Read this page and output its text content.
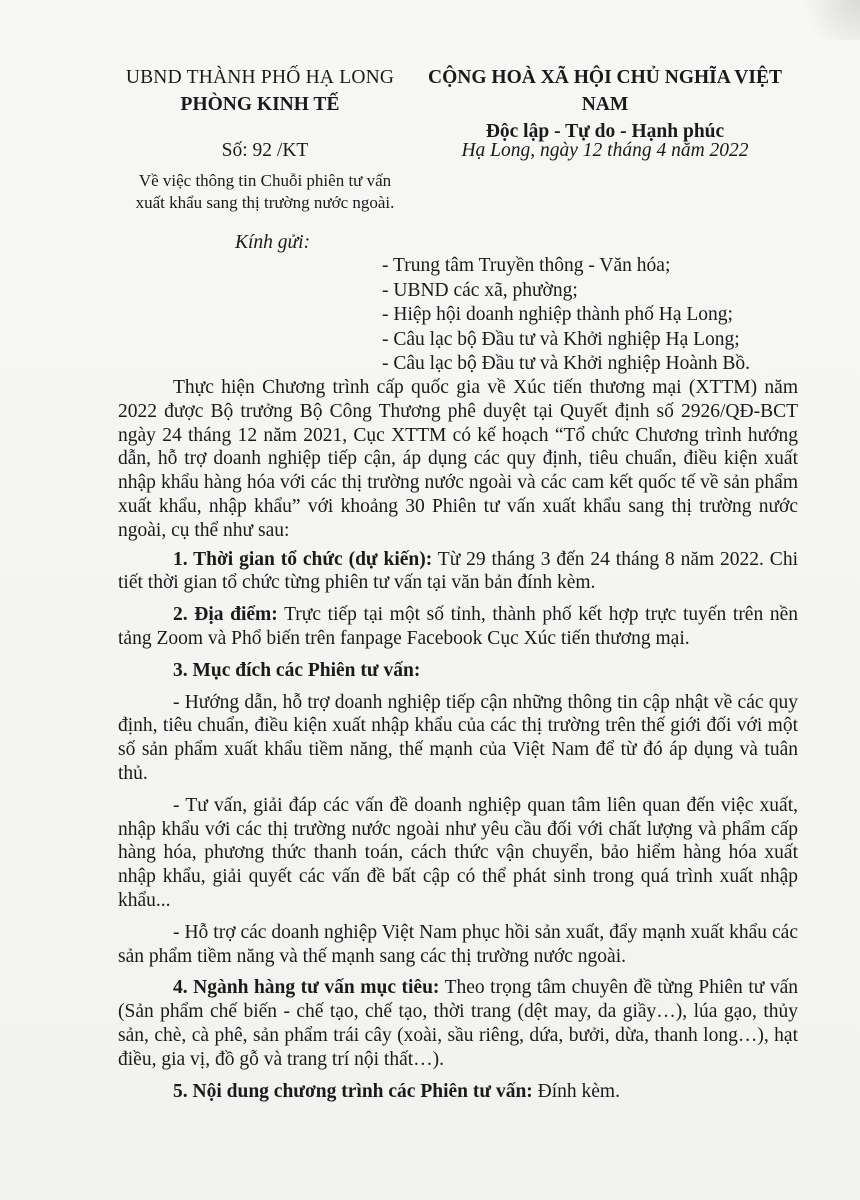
UBND THÀNH PHỐ HẠ LONG
PHÒNG KINH TẾ
CỘNG HOÀ XÃ HỘI CHỦ NGHĨA VIỆT NAM
Độc lập - Tự do - Hạnh phúc
Số: 92 /KT	Hạ Long, ngày 12 tháng 4 năm 2022
Về việc thông tin Chuỗi phiên tư vấn
xuất khẩu sang thị trường nước ngoài.
Kính gửi:
- Trung tâm Truyền thông - Văn hóa;
- UBND các xã, phường;
- Hiệp hội doanh nghiệp thành phố Hạ Long;
- Câu lạc bộ Đầu tư và Khởi nghiệp Hạ Long;
- Câu lạc bộ Đầu tư và Khởi nghiệp Hoành Bồ.

Thực hiện Chương trình cấp quốc gia về Xúc tiến thương mại (XTTM) năm 2022 được Bộ trưởng Bộ Công Thương phê duyệt tại Quyết định số 2926/QĐ-BCT ngày 24 tháng 12 năm 2021, Cục XTTM có kế hoạch “Tổ chức Chương trình hướng dẫn, hỗ trợ doanh nghiệp tiếp cận, áp dụng các quy định, tiêu chuẩn, điều kiện xuất nhập khẩu hàng hóa với các thị trường nước ngoài và các cam kết quốc tế về sản phẩm xuất khẩu, nhập khẩu” với khoảng 30 Phiên tư vấn xuất khẩu sang thị trường nước ngoài, cụ thể như sau:

1. Thời gian tổ chức (dự kiến): Từ 29 tháng 3 đến 24 tháng 8 năm 2022. Chi tiết thời gian tổ chức từng phiên tư vấn tại văn bản đính kèm.

2. Địa điểm: Trực tiếp tại một số tỉnh, thành phố kết hợp trực tuyến trên nền tảng Zoom và Phổ biến trên fanpage Facebook Cục Xúc tiến thương mại.

3. Mục đích các Phiên tư vấn:

- Hướng dẫn, hỗ trợ doanh nghiệp tiếp cận những thông tin cập nhật về các quy định, tiêu chuẩn, điều kiện xuất nhập khẩu của các thị trường trên thế giới đối với một số sản phẩm xuất khẩu tiềm năng, thế mạnh của Việt Nam để từ đó áp dụng và tuân thủ.

- Tư vấn, giải đáp các vấn đề doanh nghiệp quan tâm liên quan đến việc xuất, nhập khẩu với các thị trường nước ngoài như yêu cầu đối với chất lượng và phẩm cấp hàng hóa, phương thức thanh toán, cách thức vận chuyển, bảo hiểm hàng hóa xuất nhập khẩu, giải quyết các vấn đề bất cập có thể phát sinh trong quá trình xuất nhập khẩu...

- Hỗ trợ các doanh nghiệp Việt Nam phục hồi sản xuất, đẩy mạnh xuất khẩu các sản phẩm tiềm năng và thế mạnh sang các thị trường nước ngoài.

4. Ngành hàng tư vấn mục tiêu: Theo trọng tâm chuyên đề từng Phiên tư vấn (Sản phẩm chế biến - chế tạo, chế tạo, thời trang (dệt may, da giầy…), lúa gạo, thủy sản, chè, cà phê, sản phẩm trái cây (xoài, sầu riêng, dứa, bưởi, dừa, thanh long…), hạt điều, gia vị, đồ gỗ và trang trí nội thất…).

5. Nội dung chương trình các Phiên tư vấn: Đính kèm.
